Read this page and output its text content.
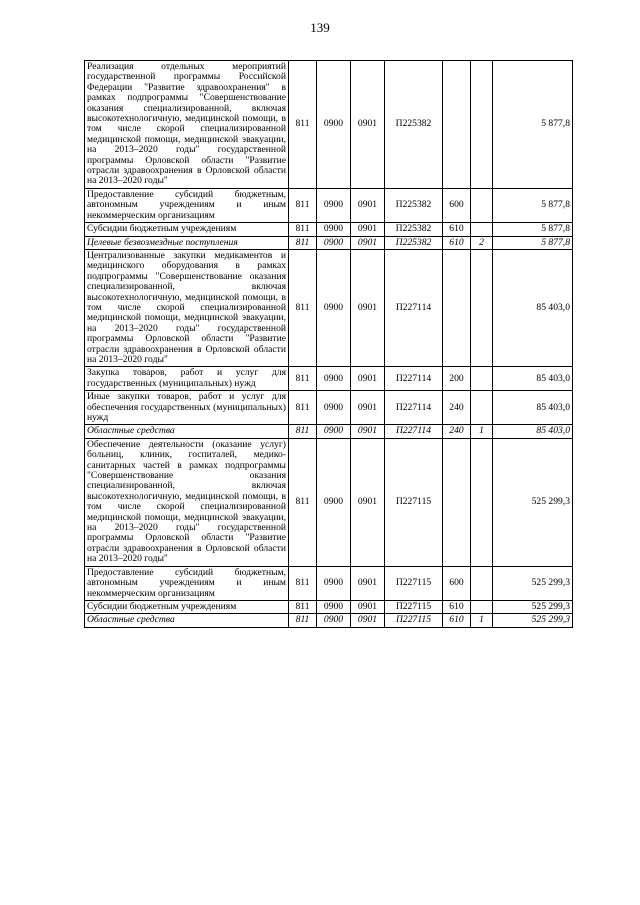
139
Реализация отдельных мероприятий государственной программы Российской Федерации "Развитие здравоохранения" в рамках подпрограммы "Совершенствование оказания специализированной, включая высокотехнологичную, медицинской помощи, в том числе скорой специализированной медицинской помощи, медицинской эвакуации, на 2013–2020 годы" государственной программы Орловской области "Развитие отрасли здравоохранения в Орловской области на 2013–2020 годы"	811	0900	0901	П225382			5 877,8
Предоставление субсидий бюджетным, автономным учреждениям и иным некоммерческим организациям	811	0900	0901	П225382	600		5 877,8
Субсидии бюджетным учреждениям	811	0900	0901	П225382	610		5 877,8
Целевые безвозмездные поступления	811	0900	0901	П225382	610	2	5 877,8
Централизованные закупки медикаментов и медицинского оборудования в рамках подпрограммы "Совершенствование оказания специализированной, включая высокотехнологичную, медицинской помощи, в том числе скорой специализированной медицинской помощи, медицинской эвакуации, на 2013–2020 годы" государственной программы Орловской области "Развитие отрасли здравоохранения в Орловской области на 2013–2020 годы"	811	0900	0901	П227114			85 403,0
Закупка товаров, работ и услуг для государственных (муниципальных) нужд	811	0900	0901	П227114	200		85 403,0
Иные закупки товаров, работ и услуг для обеспечения государственных (муниципальных) нужд	811	0900	0901	П227114	240		85 403,0
Областные средства	811	0900	0901	П227114	240	1	85 403,0
Обеспечение деятельности (оказание услуг) больниц, клиник, госпиталей, медико-санитарных частей в рамках подпрограммы "Совершенствование оказания специализированной, включая высокотехнологичную, медицинской помощи, в том числе скорой специализированной медицинской помощи, медицинской эвакуации, на 2013–2020 годы" государственной программы Орловской области "Развитие отрасли здравоохранения в Орловской области на 2013–2020 годы"	811	0900	0901	П227115			525 299,3
Предоставление субсидий бюджетным, автономным учреждениям и иным некоммерческим организациям	811	0900	0901	П227115	600		525 299,3
Субсидии бюджетным учреждениям	811	0900	0901	П227115	610		525 299,3
Областные средства	811	0900	0901	П227115	610	1	525 299,3
